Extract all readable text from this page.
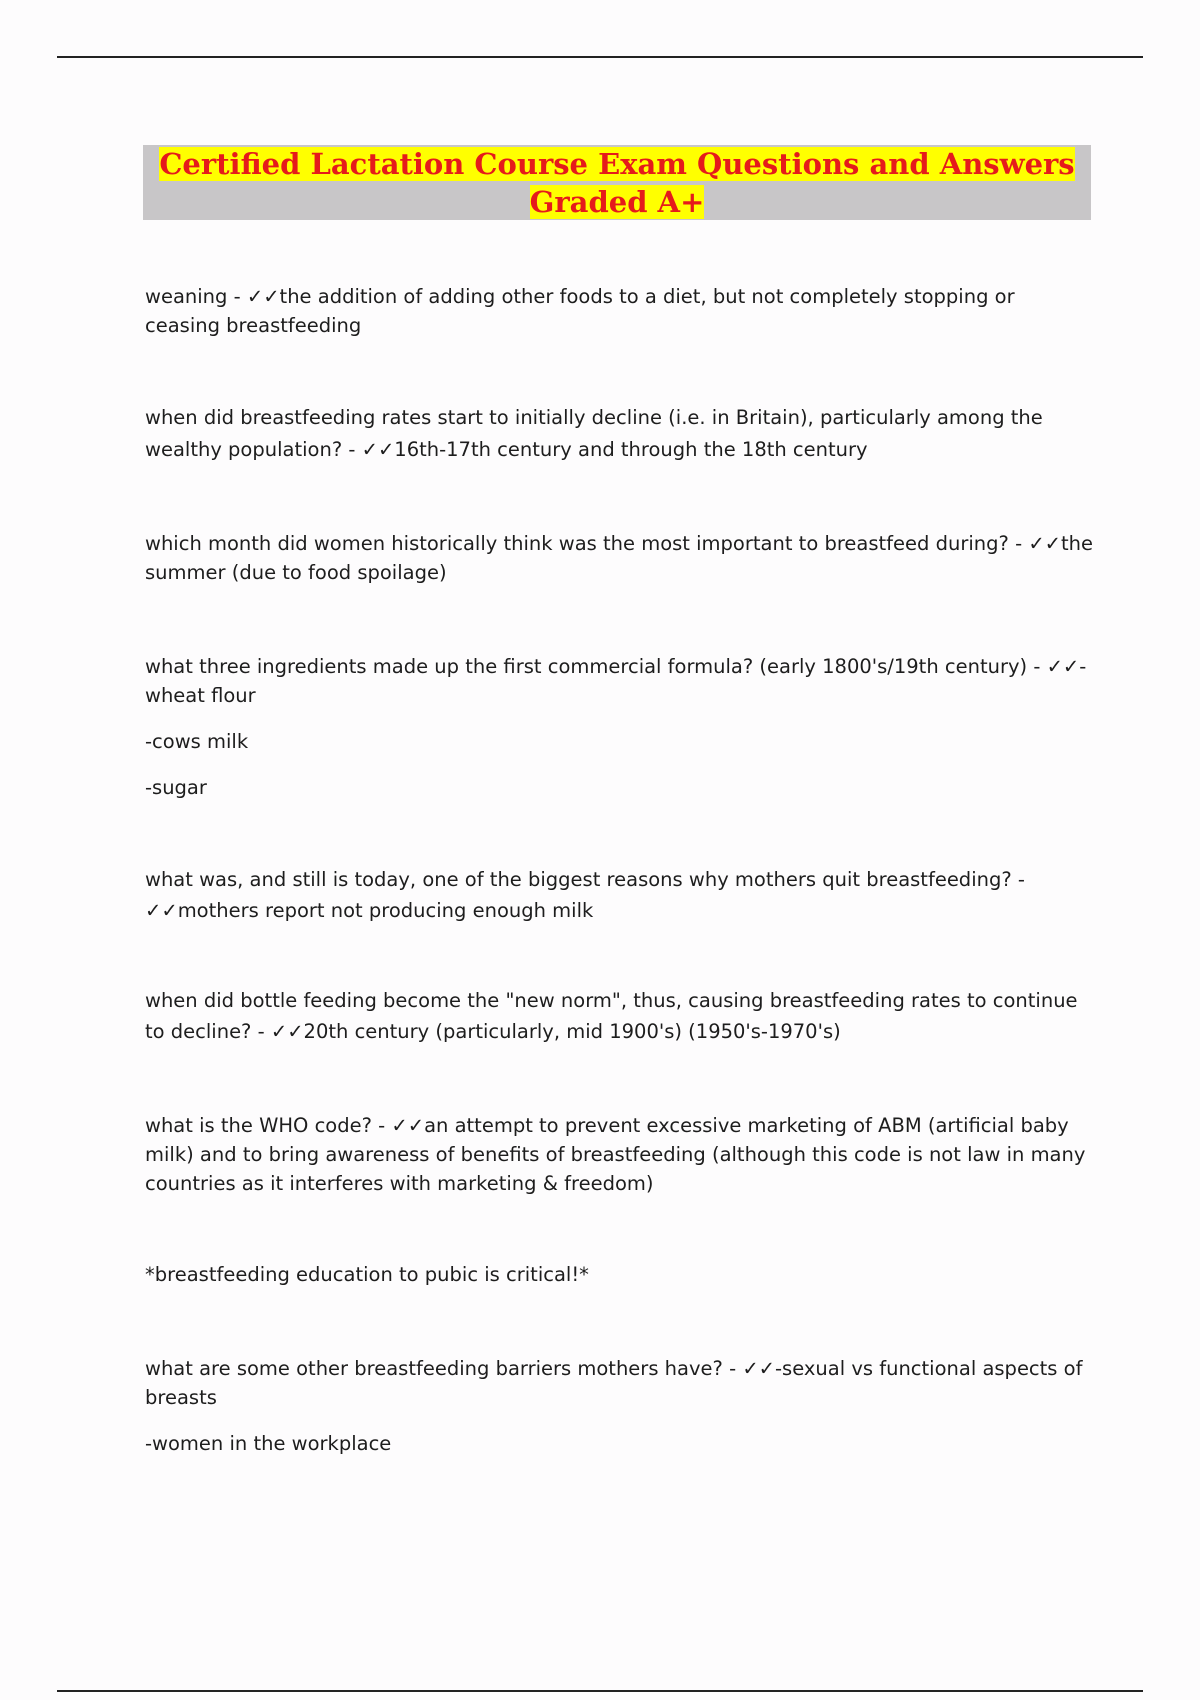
Certified Lactation Course Exam Questions and Answers Graded A+

weaning - ✓✓the addition of adding other foods to a diet, but not completely stopping or ceasing breastfeeding

when did breastfeeding rates start to initially decline (i.e. in Britain), particularly among the wealthy population? - ✓✓16th-17th century and through the 18th century

which month did women historically think was the most important to breastfeed during? - ✓✓the summer (due to food spoilage)

what three ingredients made up the first commercial formula? (early 1800's/19th century) - ✓✓-wheat flour

-cows milk

-sugar

what was, and still is today, one of the biggest reasons why mothers quit breastfeeding? - ✓✓mothers report not producing enough milk

when did bottle feeding become the "new norm", thus, causing breastfeeding rates to continue to decline? - ✓✓20th century (particularly, mid 1900's) (1950's-1970's)

what is the WHO code? - ✓✓an attempt to prevent excessive marketing of ABM (artificial baby milk) and to bring awareness of benefits of breastfeeding (although this code is not law in many countries as it interferes with marketing & freedom)

*breastfeeding education to pubic is critical!*

what are some other breastfeeding barriers mothers have? - ✓✓-sexual vs functional aspects of breasts

-women in the workplace
